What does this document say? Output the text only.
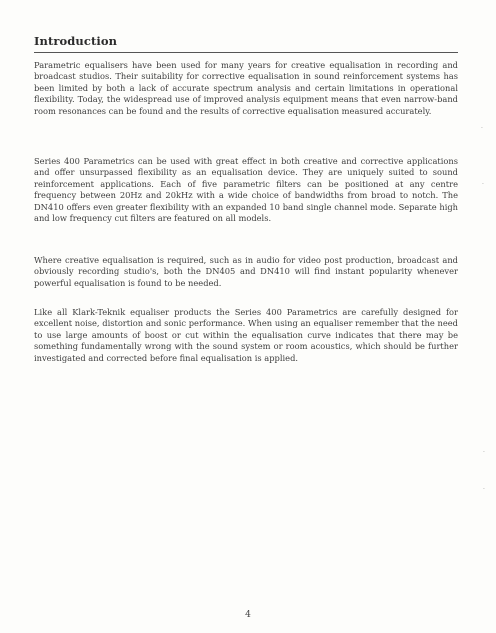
Introduction

Parametric equalisers have been used for many years for creative equalisation in recording and broadcast studios. Their suitability for corrective equalisation in sound reinforcement systems has been limited by both a lack of accurate spectrum analysis and certain limitations in operational flexibility. Today, the widespread use of improved analysis equipment means that even narrow-band room resonances can be found and the results of corrective equalisation measured accurately.

Series 400 Parametrics can be used with great effect in both creative and corrective applications and offer unsurpassed flexibility as an equalisation device. They are uniquely suited to sound reinforcement applications. Each of five parametric filters can be positioned at any centre frequency between 20Hz and 20kHz with a wide choice of bandwidths from broad to notch. The DN410 offers even greater flexibility with an expanded 10 band single channel mode. Separate high and low frequency cut filters are featured on all models.

Where creative equalisation is required, such as in audio for video post production, broadcast and obviously recording studio's, both the DN405 and DN410 will find instant popularity whenever powerful equalisation is found to be needed.

Like all Klark-Teknik equaliser products the Series 400 Parametrics are carefully designed for excellent noise, distortion and sonic performance. When using an equaliser remember that the need to use large amounts of boost or cut within the equalisation curve indicates that there may be something fundamentally wrong with the sound system or room acoustics, which should be further investigated and corrected before final equalisation is applied.

4
·
·
·
·
